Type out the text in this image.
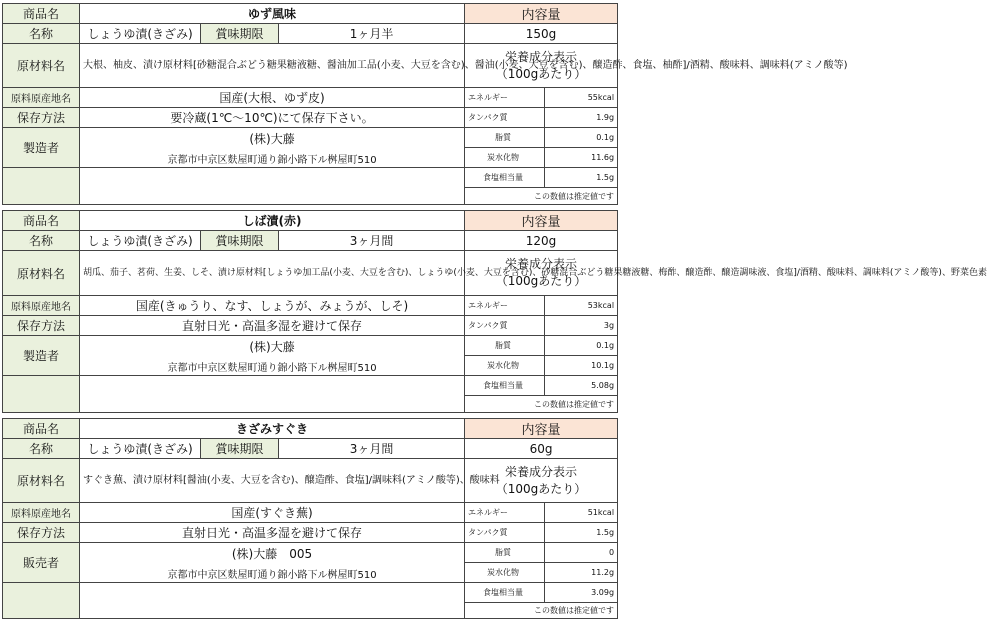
商品名	ゆず風味			内容量	
名称	しょうゆ漬(きざみ)	賞味期限	1ヶ月半	150g	
原材料名	大根、柚皮、漬け原材料[砂糖混合ぶどう糖果糖液糖、醤油加工品(小麦、大豆を含む)、醤油(小麦、大豆を含む)、醸造酢、食塩、柚酢]/酒精、酸味料、調味料(アミノ酸等)			栄養成分表示
（100gあたり）	
原料原産地名	国産(大根、ゆず皮)			エネルギー	55kcal
保存方法	要冷蔵(1℃～10℃)にて保存下さい。			タンパク質	1.9g
製造者	(株)大藤
京都市中京区麩屋町通り錦小路下ル桝屋町510			脂質	0.1g
				炭水化物	11.6g
				食塩相当量	1.5g
				この数値は推定値です	
商品名	しば漬(赤)			内容量	
名称	しょうゆ漬(きざみ)	賞味期限	3ヶ月間	120g	
原材料名	胡瓜、茄子、茗荷、生姜、しそ、漬け原材料[しょうゆ加工品(小麦、大豆を含む)、しょうゆ(小麦、大豆を含む)、砂糖混合ぶどう糖果糖液糖、梅酢、醸造酢、醸造調味液、食塩]/酒精、酸味料、調味料(アミノ酸等)、野菜色素			栄養成分表示
（100gあたり）	
原料原産地名	国産(きゅうり、なす、しょうが、みょうが、しそ)			エネルギー	53kcal
保存方法	直射日光・高温多湿を避けて保存			タンパク質	3g
製造者	(株)大藤
京都市中京区麩屋町通り錦小路下ル桝屋町510			脂質	0.1g
				炭水化物	10.1g
				食塩相当量	5.08g
				この数値は推定値です	
商品名	きざみすぐき			内容量	
名称	しょうゆ漬(きざみ)	賞味期限	3ヶ月間	60g	
原材料名	すぐき蕪、漬け原材料[醤油(小麦、大豆を含む)、醸造酢、食塩]/調味料(アミノ酸等)、酸味料			栄養成分表示
（100gあたり）	
原料原産地名	国産(すぐき蕪)			エネルギー	51kcal
保存方法	直射日光・高温多湿を避けて保存			タンパク質	1.5g
販売者	(株)大藤　005
京都市中京区麩屋町通り錦小路下ル桝屋町510			脂質	0
				炭水化物	11.2g
				食塩相当量	3.09g
				この数値は推定値です	
